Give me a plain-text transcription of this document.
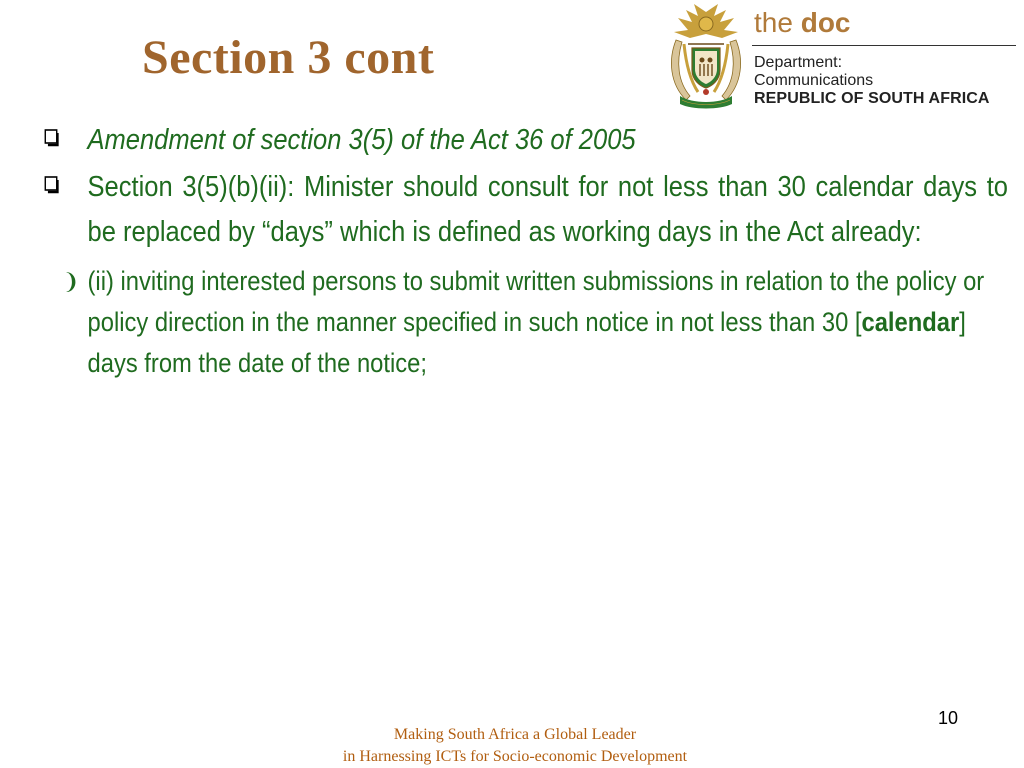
Section 3 cont
the doc
Department:
Communications
REPUBLIC OF SOUTH AFRICA
Amendment of section 3(5) of the Act 36 of 2005
Section 3(5)(b)(ii): Minister should consult for not less than 30 calendar days to be replaced by “days” which is defined as working days in the Act already:
❩ (ii) inviting interested persons to submit written submissions in relation to the policy or policy direction in the manner specified in such notice in not less than 30 [calendar] days from the date of the notice;
10
Making South Africa a Global Leader
in Harnessing ICTs for Socio-economic Development
